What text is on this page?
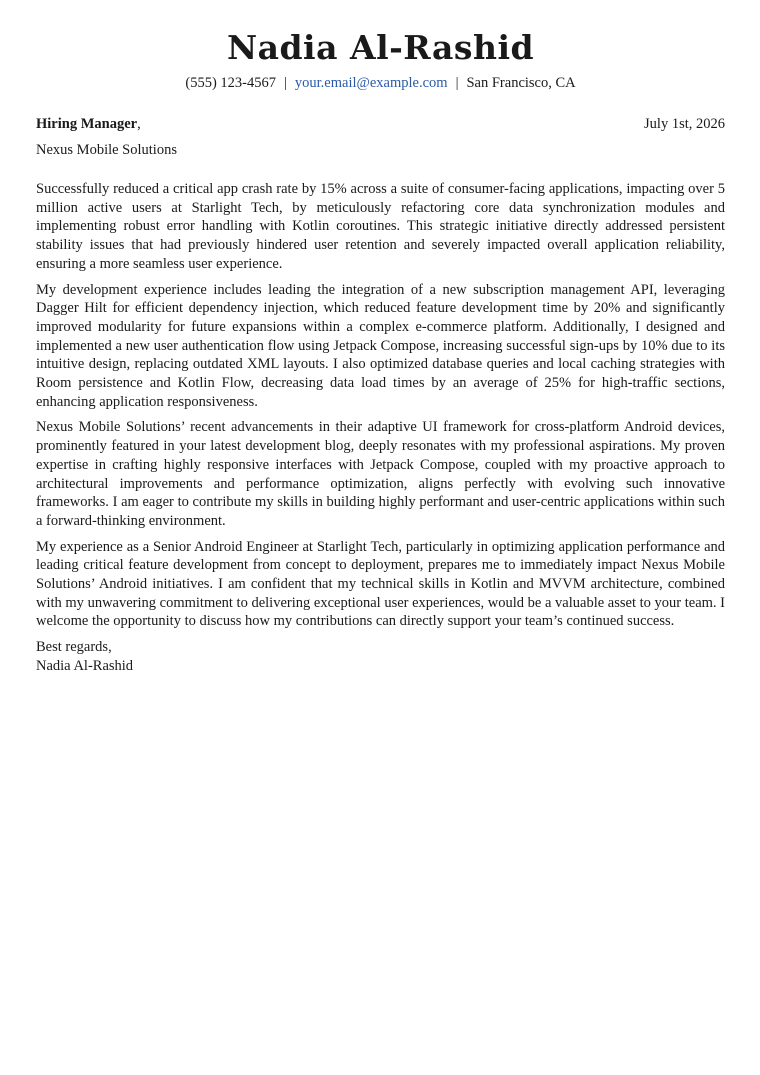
Nadia Al-Rashid
(555) 123-4567 | your.email@example.com | San Francisco, CA
Hiring Manager,	July 1st, 2026
Nexus Mobile Solutions

Successfully reduced a critical app crash rate by 15% across a suite of consumer-facing applications, impacting over 5 million active users at Starlight Tech, by meticulously refactoring core data synchronization modules and implementing robust error handling with Kotlin coroutines. This strategic initiative directly addressed persistent stability issues that had previously hindered user retention and severely impacted overall application reliability, ensuring a more seamless user experience.

My development experience includes leading the integration of a new subscription management API, leveraging Dagger Hilt for efficient dependency injection, which reduced feature development time by 20% and significantly improved modularity for future expansions within a complex e-commerce platform. Additionally, I designed and implemented a new user authentication flow using Jetpack Compose, increasing successful sign-ups by 10% due to its intuitive design, replacing outdated XML layouts. I also optimized database queries and local caching strategies with Room persistence and Kotlin Flow, decreasing data load times by an average of 25% for high-traffic sections, enhancing application responsiveness.

Nexus Mobile Solutions’ recent advancements in their adaptive UI framework for cross-platform Android devices, prominently featured in your latest development blog, deeply resonates with my professional aspirations. My proven expertise in crafting highly responsive interfaces with Jetpack Compose, coupled with my proactive approach to architectural improvements and performance optimization, aligns perfectly with evolving such innovative frameworks. I am eager to contribute my skills in building highly performant and user-centric applications within such a forward-thinking environment.

My experience as a Senior Android Engineer at Starlight Tech, particularly in optimizing application performance and leading critical feature development from concept to deployment, prepares me to immediately impact Nexus Mobile Solutions’ Android initiatives. I am confident that my technical skills in Kotlin and MVVM architecture, combined with my unwavering commitment to delivering exceptional user experiences, would be a valuable asset to your team. I welcome the opportunity to discuss how my contributions can directly support your team’s continued success.

Best regards,
Nadia Al-Rashid
